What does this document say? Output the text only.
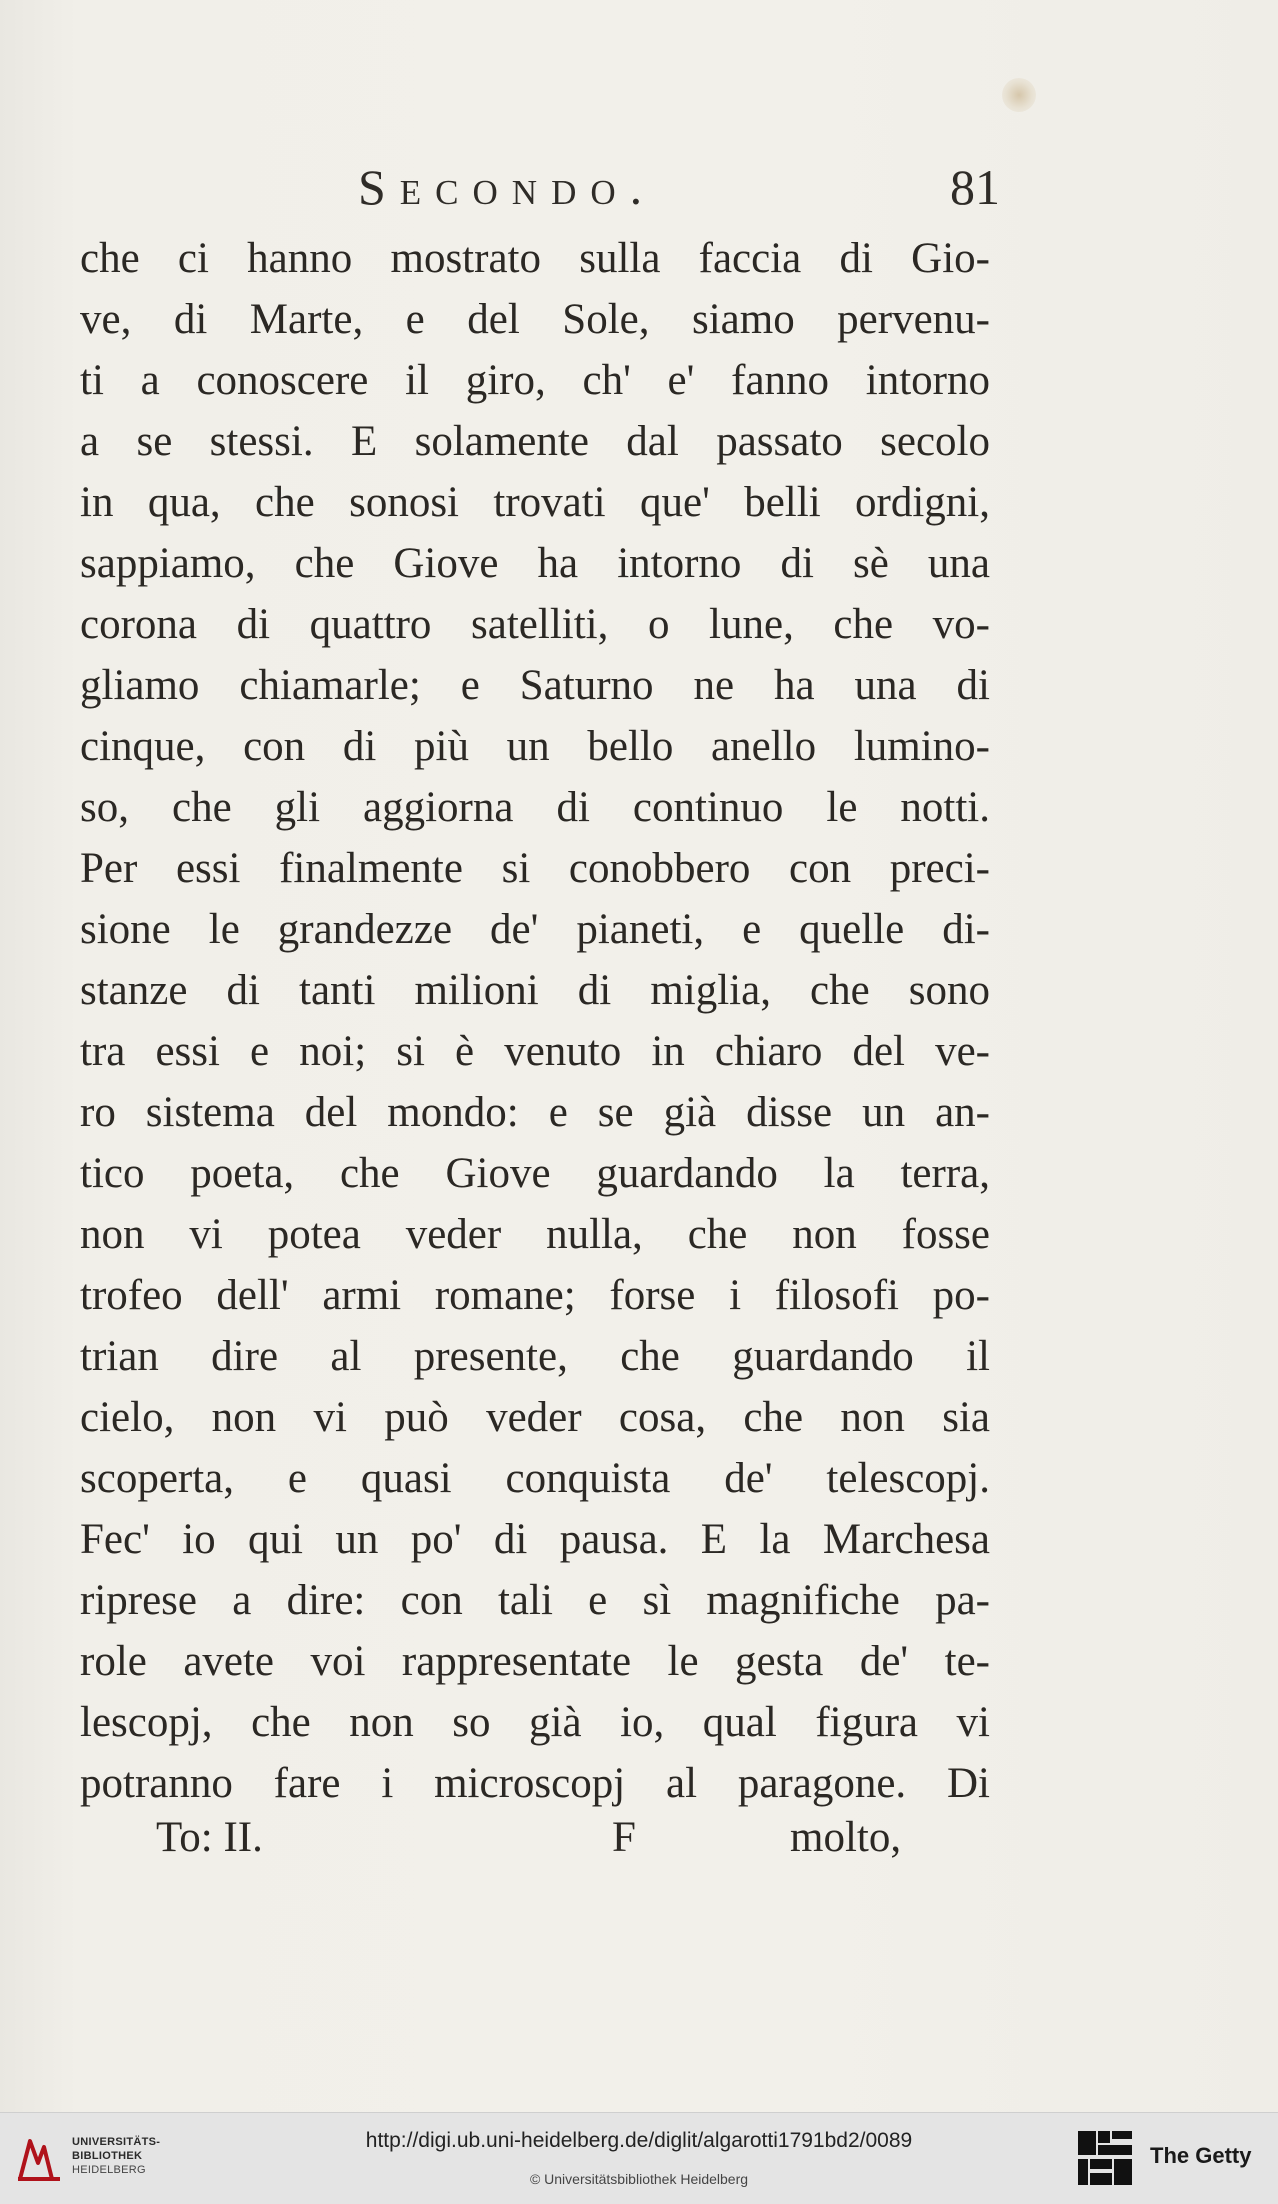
Secondo.	81
che ci hanno mostrato sulla faccia di Gio-
ve, di Marte, e del Sole, siamo pervenu-
ti a conoscere il giro, ch' e' fanno intorno
a se stessi. E solamente dal passato secolo
in qua, che sonosi trovati que' belli ordigni,
sappiamo, che Giove ha intorno di sè una
corona di quattro satelliti, o lune, che vo-
gliamo chiamarle; e Saturno ne ha una di
cinque, con di più un bello anello lumino-
so, che gli aggiorna di continuo le notti.
Per essi finalmente si conobbero con preci-
sione le grandezze de' pianeti, e quelle di-
stanze di tanti milioni di miglia, che sono
tra essi e noi; si è venuto in chiaro del ve-
ro sistema del mondo: e se già disse un an-
tico poeta, che Giove guardando la terra,
non vi potea veder nulla, che non fosse
trofeo dell' armi romane; forse i filosofi po-
trian dire al presente, che guardando il
cielo, non vi può veder cosa, che non sia
scoperta, e quasi conquista de' telescopj.
Fec' io qui un po' di pausa. E la Marchesa
riprese a dire: con tali e sì magnifiche pa-
role avete voi rappresentate le gesta de' te-
lescopj, che non so già io, qual figura vi
potranno fare i microscopj al paragone. Di
To: II.	F	molto,
UNIVERSITÄTS-
BIBLIOTHEK
HEIDELBERG
http://digi.ub.uni-heidelberg.de/diglit/algarotti1791bd2/0089
© Universitätsbibliothek Heidelberg
The Getty
